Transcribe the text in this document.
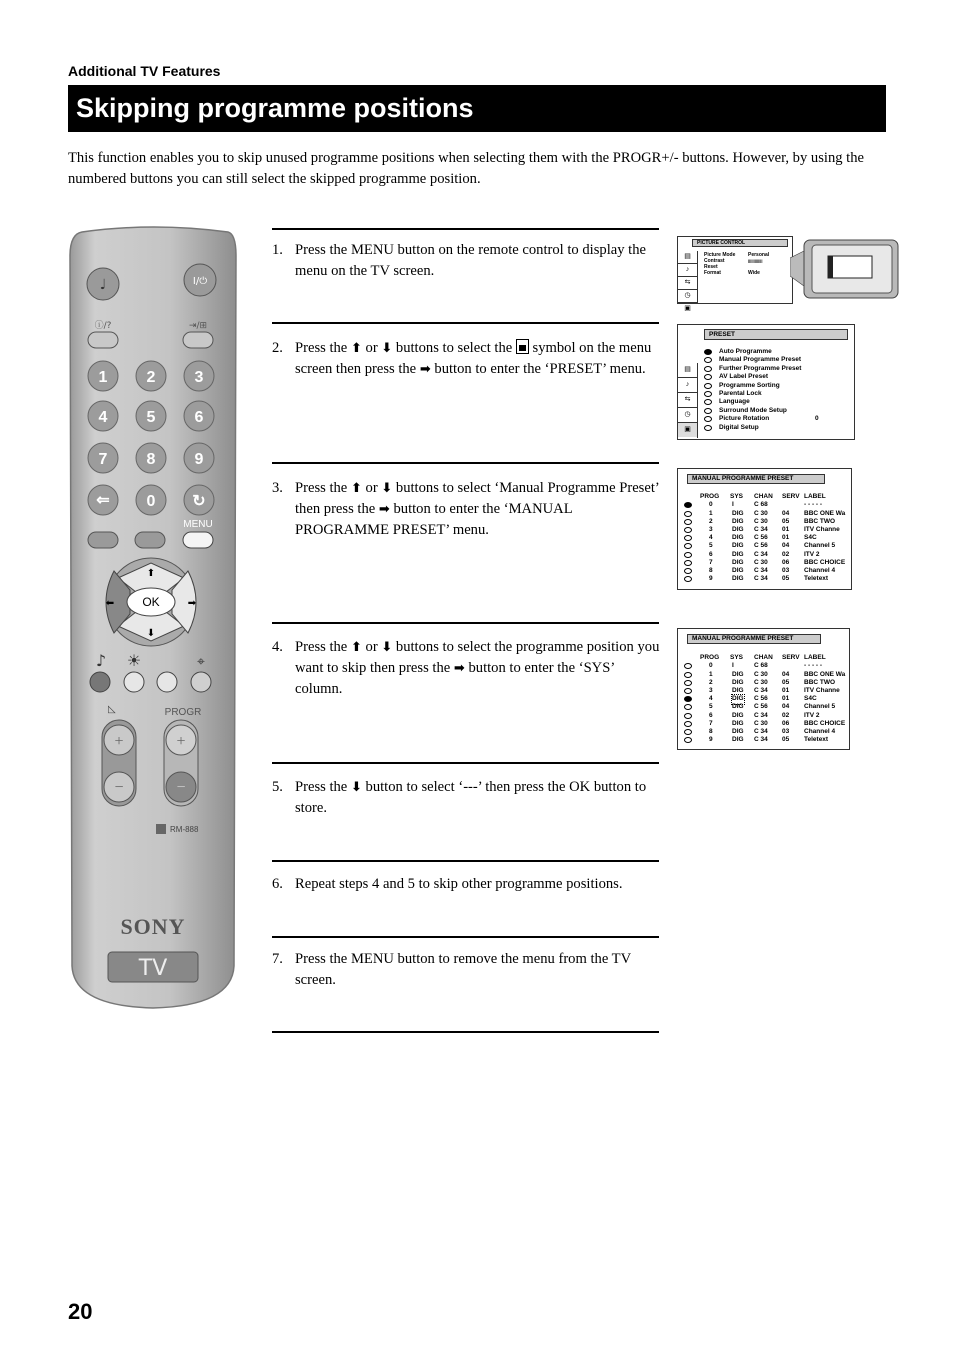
Additional TV Features
Skipping programme positions
This function enables you to skip unused programme positions when selecting them with the PROGR+/- buttons. However, by using the numbered buttons you can still select the skipped programme position.
♩	I/⏻
ⓘ/?	⇥/⊞
1 2 3
4 5 6
7 8 9
⇐ 0 ↻
MENU
OK
⬆
⬇
⬅	➡
♪ ☀	⌖
◺	PROGR
+
−
+
−
RM-888
SONY
TV
1. Press the MENU button on the remote control to display the menu on the TV screen.
2. Press the ⬆ or ⬇ buttons to select the symbol on the menu screen then press the ➡ button to enter the ‘PRESET’ menu.
3. Press the ⬆ or ⬇ buttons to select ‘Manual Programme Preset’ then press the ➡ button to enter the ‘MANUAL PROGRAMME PRESET’ menu.
4. Press the ⬆ or ⬇ buttons to select the programme position you want to skip then press the ➡ button to enter the ‘SYS’ column.
5. Press the ⬇ button to select ‘---’ then press the OK button to store.
6. Repeat steps 4 and 5 to skip other programme positions.
7. Press the MENU button to remove the menu from the TV screen.
▤
♪
⇆
◷
▣
PICTURE CONTROL
Picture Mode	Personal
Contrast	|||||||||||||
Reset
Format	Wide
▤
♪
⇆
◷
▣
PRESET
Auto Programme
Manual Programme Preset
Further Programme Preset
AV Label Preset
Programme Sorting
Parental Lock
Language
Surround Mode Setup
Picture Rotation	0
Digital Setup
MANUAL PROGRAMME PRESET
PROG SYS CHAN SERV LABEL
0	I	C 68	- - - - -
1	DIG C 30 04 BBC ONE Wa
2	DIG C 30 05 BBC TWO
3	DIG C 34 01 ITV Channe
4	DIG C 56 01 S4C
5	DIG C 56 04 Channel 5
6	DIG C 34 02 ITV 2
7	DIG C 30 06 BBC CHOICE
8	DIG C 34 03 Channel 4
9	DIG C 34 05 Teletext
MANUAL PROGRAMME PRESET
PROG SYS CHAN SERV LABEL
0	I	C 68	- - - - -
1	DIG C 30 04 BBC ONE Wa
2	DIG C 30 05 BBC TWO
3	DIG C 34 01 ITV Channe
4	DIG C 56 01 S4C
5	DIG C 56 04 Channel 5
6	DIG C 34 02 ITV 2
7	DIG C 30 06 BBC CHOICE
8	DIG C 34 03 Channel 4
9	DIG C 34 05 Teletext
20
